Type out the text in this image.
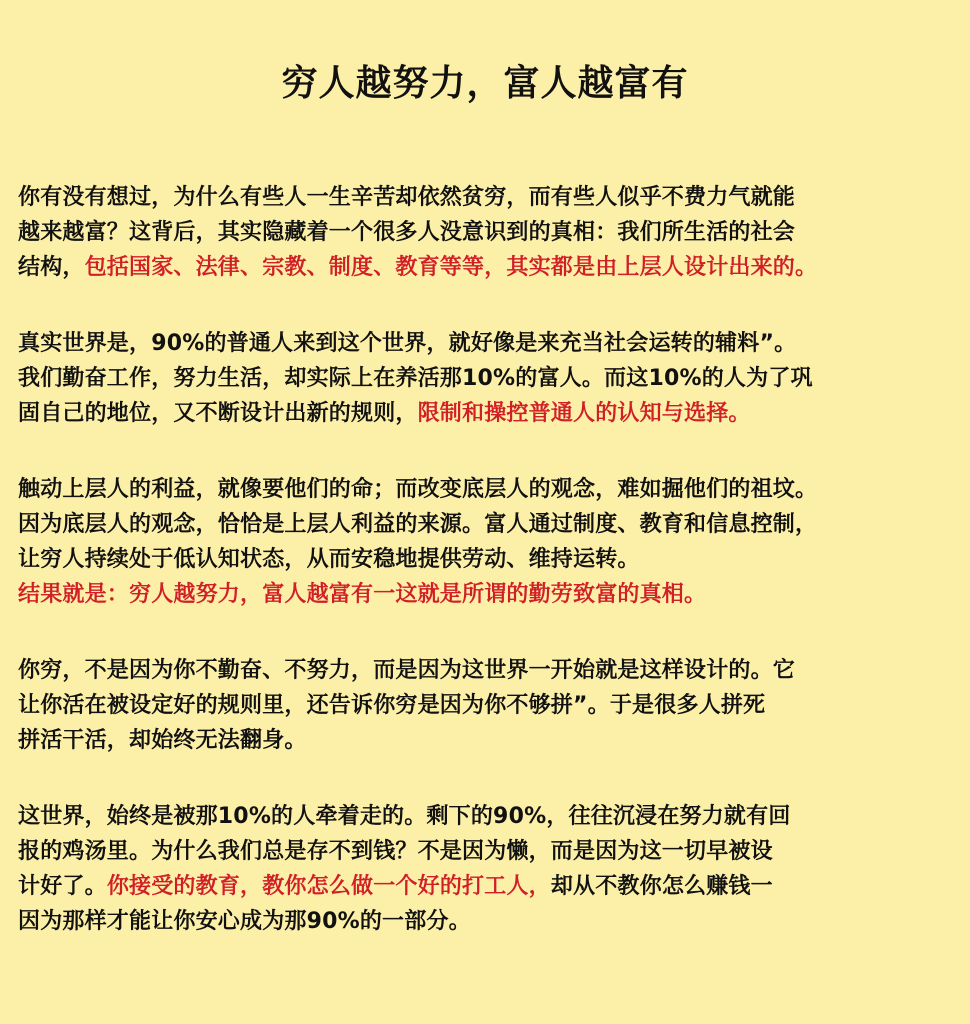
穷人越努力，富人越富有
你有没有想过，为什么有些人一生辛苦却依然贫穷，而有些人似乎不费力气就能
越来越富？这背后，其实隐藏着一个很多人没意识到的真相：我们所生活的社会
结构，包括国家、法律、宗教、制度、教育等等，其实都是由上层人设计出来的。
真实世界是，90%的普通人来到这个世界，就好像是来充当社会运转的辅料”。
我们勤奋工作，努力生活，却实际上在养活那10%的富人。而这10%的人为了巩
固自己的地位，又不断设计出新的规则，限制和操控普通人的认知与选择。
触动上层人的利益，就像要他们的命；而改变底层人的观念，难如掘他们的祖坟。
因为底层人的观念，恰恰是上层人利益的来源。富人通过制度、教育和信息控制，
让穷人持续处于低认知状态，从而安稳地提供劳动、维持运转。
结果就是：穷人越努力，富人越富有一这就是所谓的勤劳致富的真相。
你穷，不是因为你不勤奋、不努力，而是因为这世界一开始就是这样设计的。它
让你活在被设定好的规则里，还告诉你穷是因为你不够拼”。于是很多人拼死
拼活干活，却始终无法翻身。
这世界，始终是被那10%的人牵着走的。剩下的90%，往往沉浸在努力就有回
报的鸡汤里。为什么我们总是存不到钱？不是因为懒，而是因为这一切早被设
计好了。你接受的教育，教你怎么做一个好的打工人，却从不教你怎么赚钱一
因为那样才能让你安心成为那90%的一部分。
